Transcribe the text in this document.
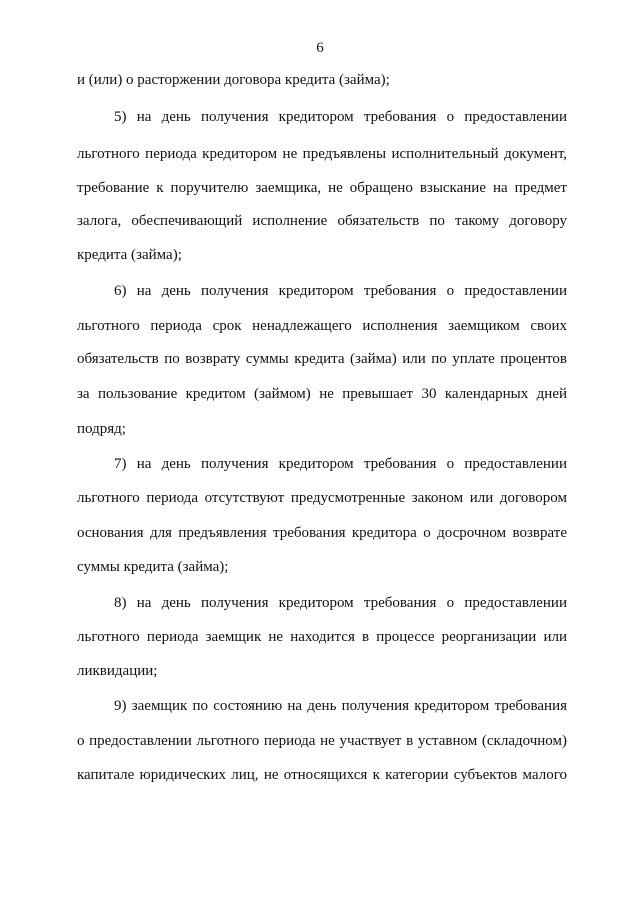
6
и (или) о расторжении договора кредита (займа);
5) на день получения кредитором требования о предоставлении
льготного периода кредитором не предъявлены исполнительный документ,
требование к поручителю заемщика, не обращено взыскание на предмет
залога, обеспечивающий исполнение обязательств по такому договору
кредита (займа);
6) на день получения кредитором требования о предоставлении
льготного периода срок ненадлежащего исполнения заемщиком своих
обязательств по возврату суммы кредита (займа) или по уплате процентов
за пользование кредитом (займом) не превышает 30 календарных дней
подряд;
7) на день получения кредитором требования о предоставлении
льготного периода отсутствуют предусмотренные законом или договором
основания для предъявления требования кредитора о досрочном возврате
суммы кредита (займа);
8) на день получения кредитором требования о предоставлении
льготного периода заемщик не находится в процессе реорганизации или
ликвидации;
9) заемщик по состоянию на день получения кредитором требования
о предоставлении льготного периода не участвует в уставном (складочном)
капитале юридических лиц, не относящихся к категории субъектов малого
